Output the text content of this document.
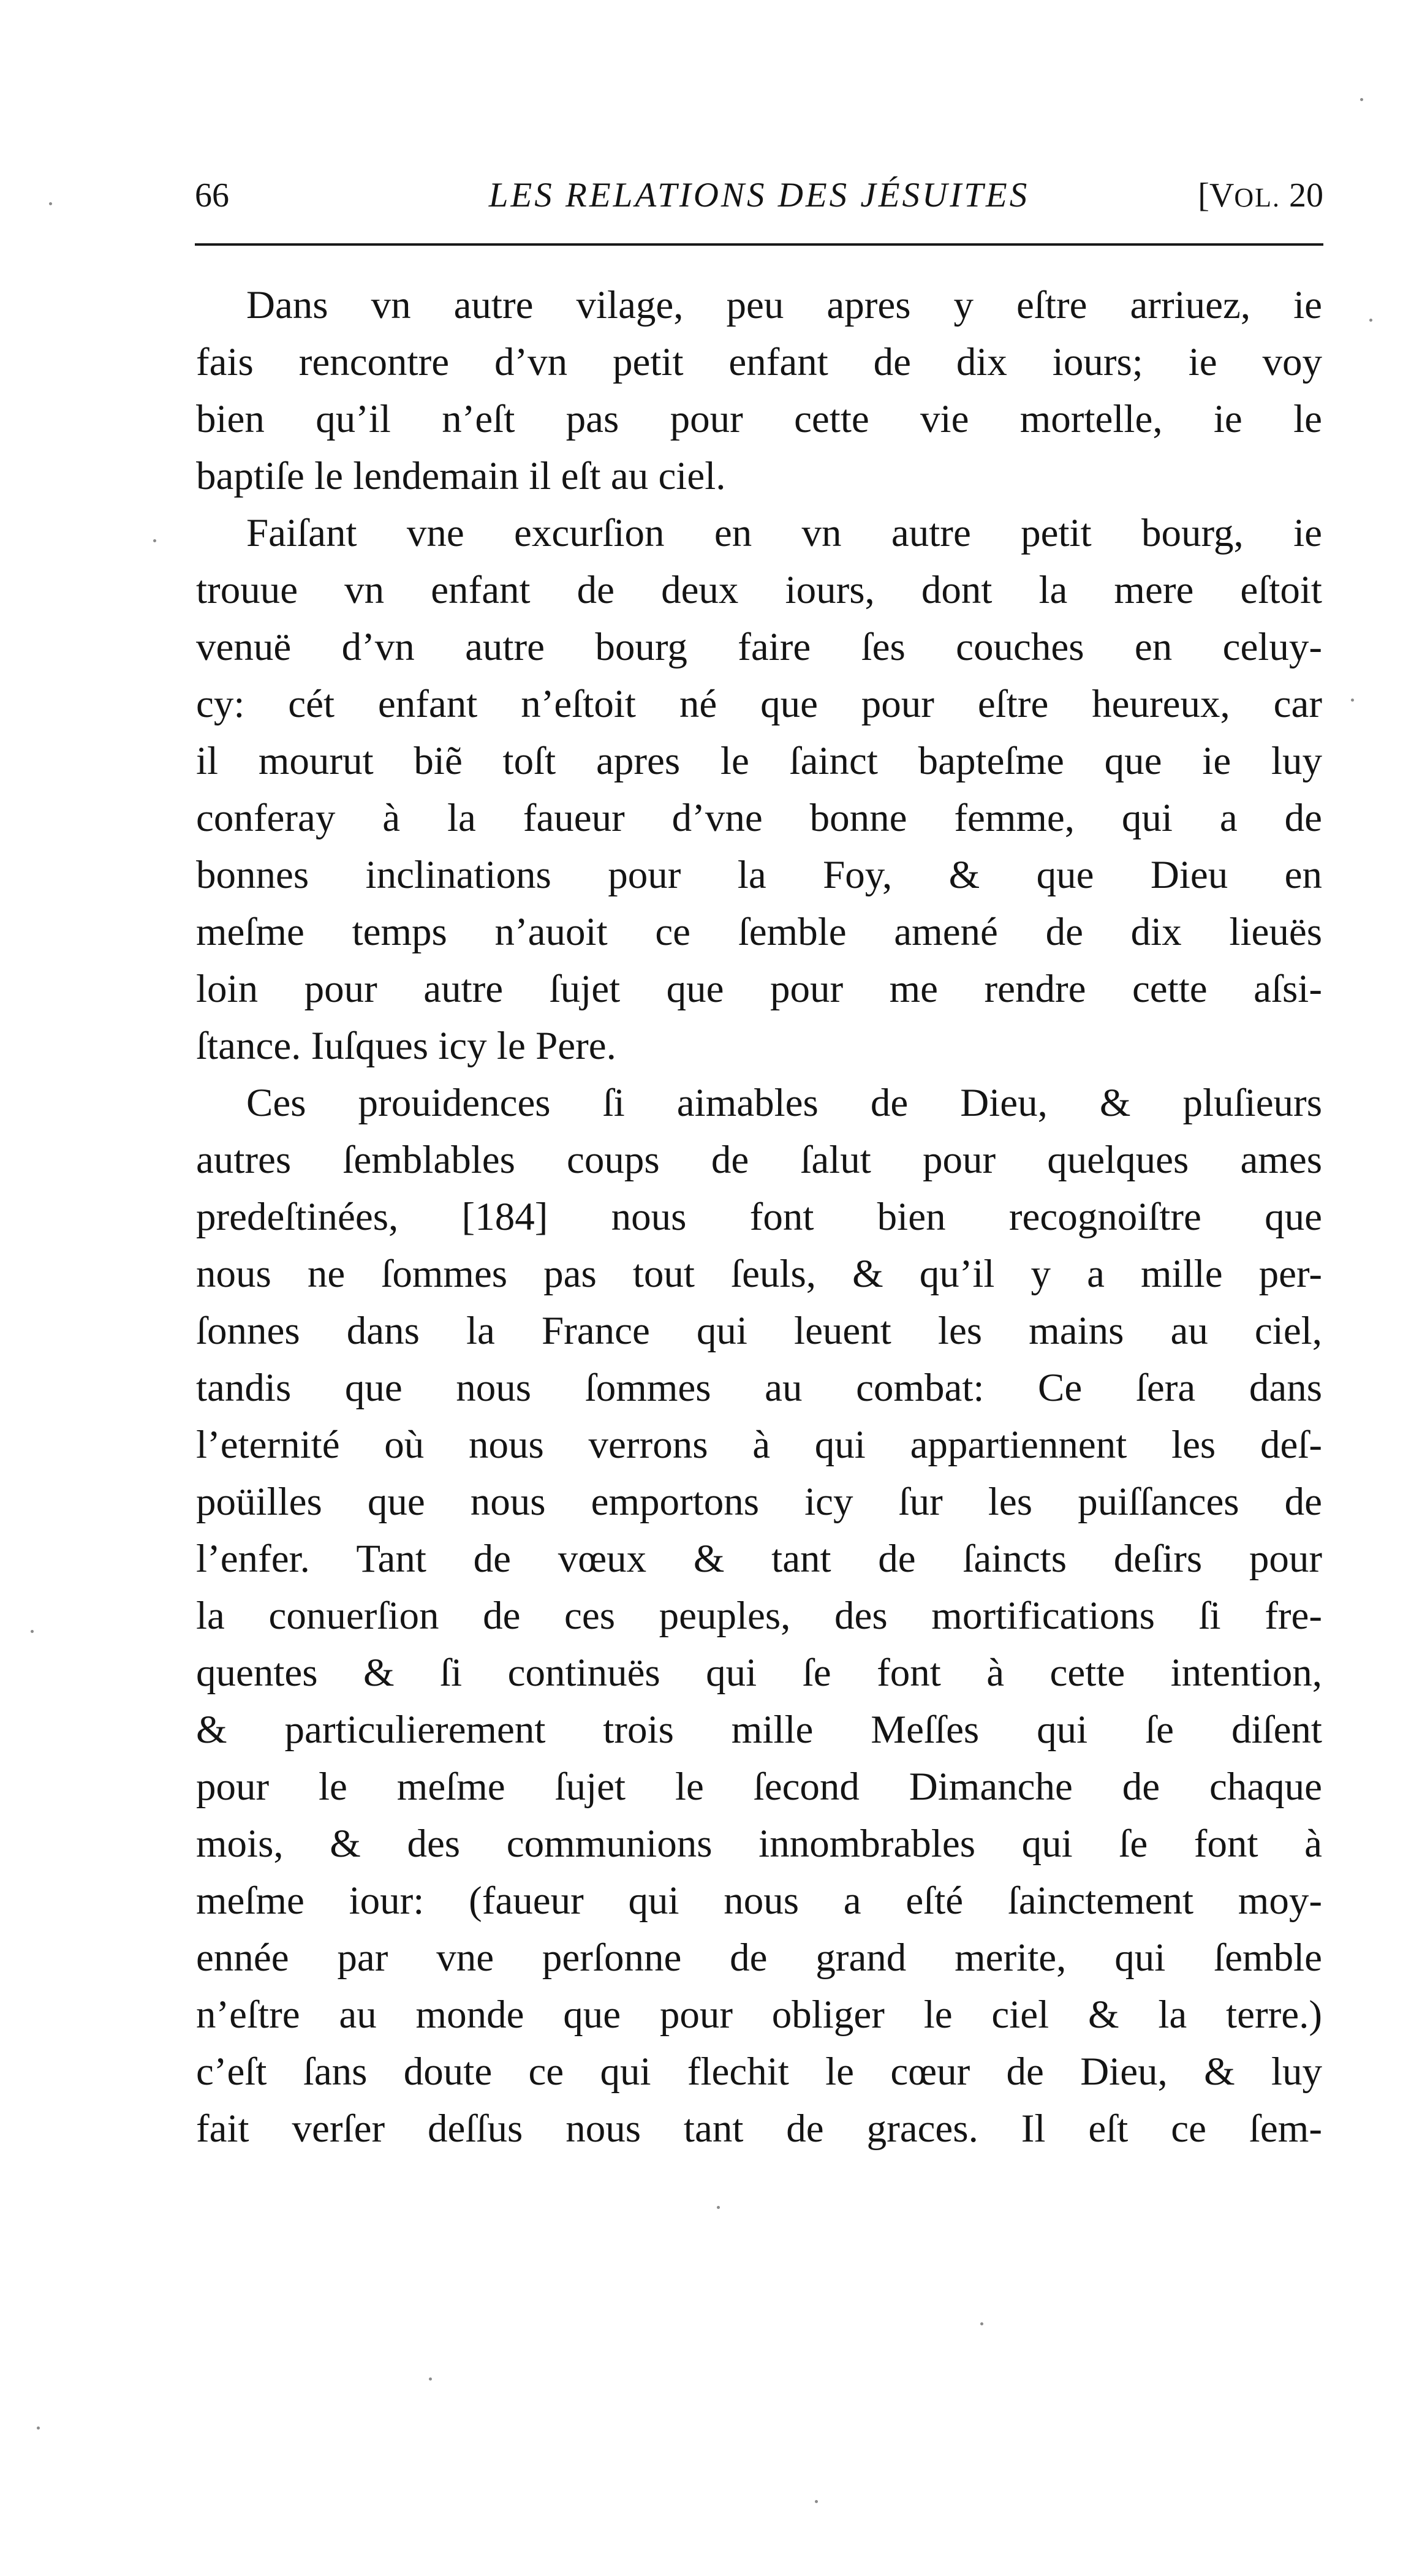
66	LES RELATIONS DES JÉSUITES	[VOL. 20
Dans vn autre vilage, peu apres y eſtre arriuez, ie
fais rencontre d’vn petit enfant de dix iours; ie voy
bien qu’il n’eſt pas pour cette vie mortelle, ie le
baptiſe le lendemain il eſt au ciel.
Faiſant vne excurſion en vn autre petit bourg, ie
trouue vn enfant de deux iours, dont la mere eſtoit
venuë d’vn autre bourg faire ſes couches en celuy-
cy: cét enfant n’eſtoit né que pour eſtre heureux, car
il mourut biẽ toſt apres le ſainct bapteſme que ie luy
conferay à la faueur d’vne bonne femme, qui a de
bonnes inclinations pour la Foy, & que Dieu en
meſme temps n’auoit ce ſemble amené de dix lieuës
loin pour autre ſujet que pour me rendre cette aſsi-
ſtance. Iuſques icy le Pere.
Ces prouidences ſi aimables de Dieu, & pluſieurs
autres ſemblables coups de ſalut pour quelques ames
predeſtinées, [184] nous font bien recognoiſtre que
nous ne ſommes pas tout ſeuls, & qu’il y a mille per-
ſonnes dans la France qui leuent les mains au ciel,
tandis que nous ſommes au combat: Ce ſera dans
l’eternité où nous verrons à qui appartiennent les deſ-
poüilles que nous emportons icy ſur les puiſſances de
l’enfer. Tant de vœux & tant de ſaincts deſirs pour
la conuerſion de ces peuples, des mortifications ſi fre-
quentes & ſi continuës qui ſe font à cette intention,
& particulierement trois mille Meſſes qui ſe diſent
pour le meſme ſujet le ſecond Dimanche de chaque
mois, & des communions innombrables qui ſe font à
meſme iour: (faueur qui nous a eſté ſainctement moy-
ennée par vne perſonne de grand merite, qui ſemble
n’eſtre au monde que pour obliger le ciel & la terre.)
c’eſt ſans doute ce qui flechit le cœur de Dieu, & luy
fait verſer deſſus nous tant de graces. Il eſt ce ſem-
